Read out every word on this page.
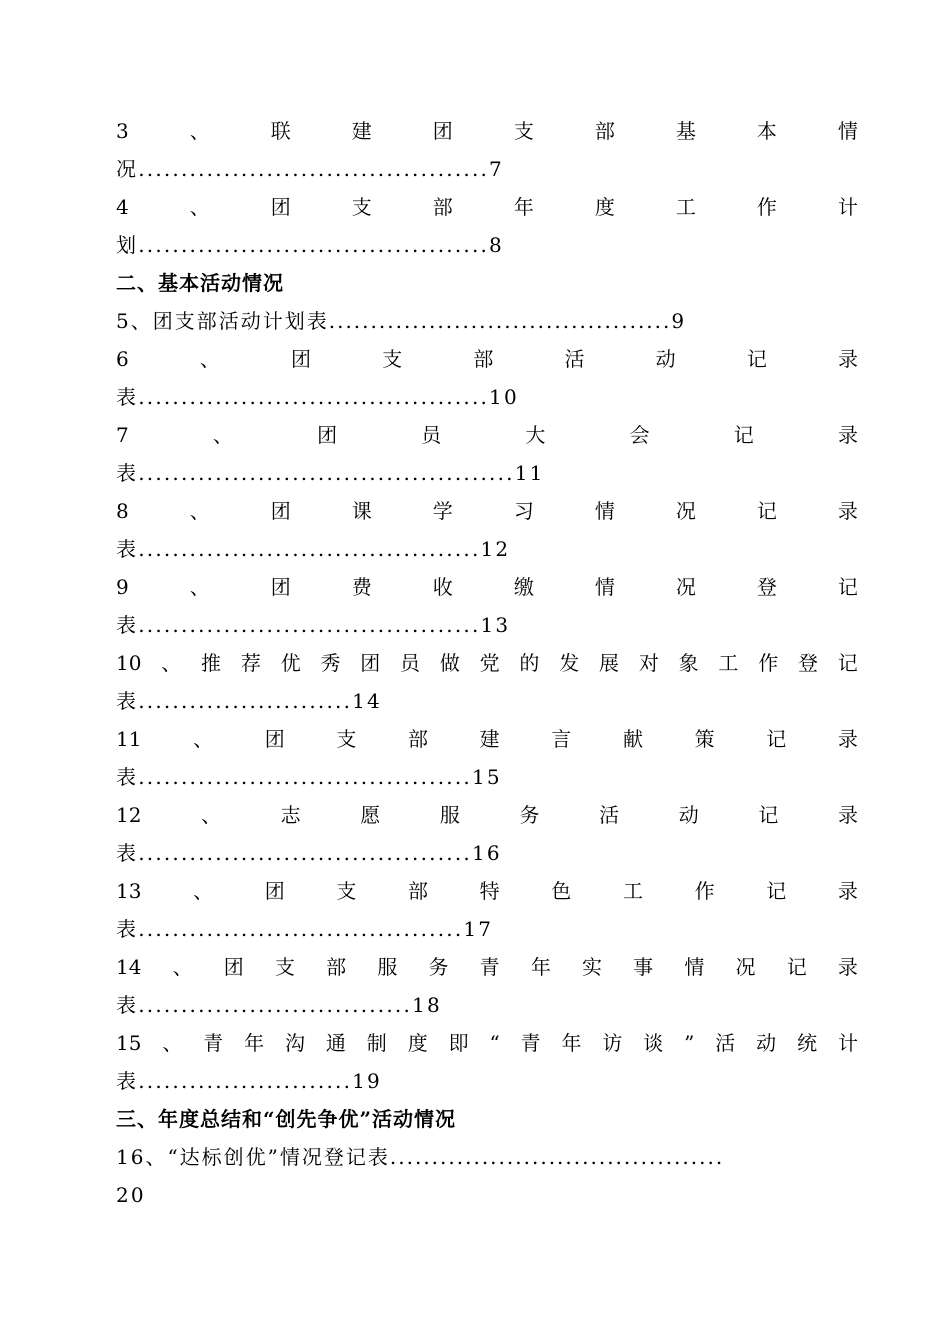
3	、	联	建	团	支	部	基	本	情
况.........................................7
4	、	团	支	部	年	度	工	作	计
划.........................................8
二、基本活动情况
5、团支部活动计划表.........................................9
6	、	团	支	部	活	动	记	录
表.........................................10
7	、	团	员	大	会	记	录
表............................................11
8	、	团	课	学	习	情	况	记	录
表........................................12
9	、	团	费	收	缴	情	况	登	记
表........................................13
10 、 推 荐 优 秀 团 员 做 党 的 发 展 对 象 工 作 登 记
表.........................14
11	、	团	支	部	建	言	献	策	记	录
表.......................................15
12	、	志	愿	服	务	活	动	记	录
表.......................................16
13	、	团	支	部	特	色	工	作	记	录
表......................................17
14 、 团 支 部 服 务 青 年 实 事 情 况 记 录
表................................18
15 、 青 年 沟 通 制 度 即 “ 青 年 访 谈 ” 活 动 统 计
表.........................19
三、年度总结和“创先争优”活动情况
16、“达标创优”情况登记表........................................
20
